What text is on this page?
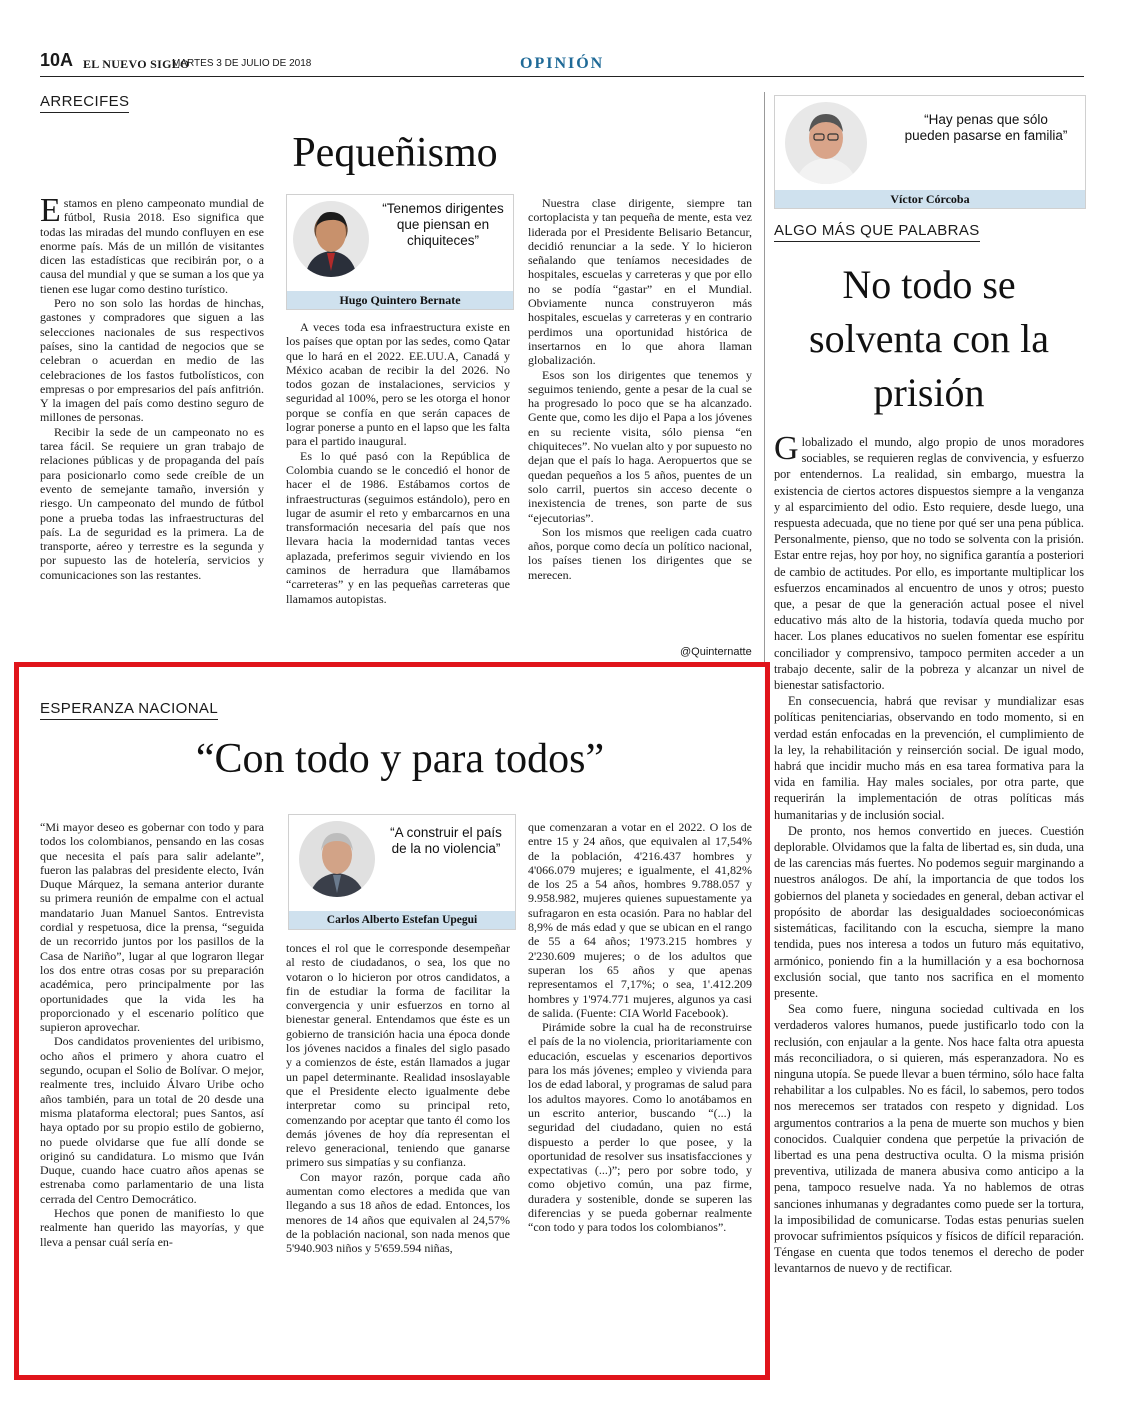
10A EL NUEVO SIGLO
MARTES 3 DE JULIO DE 2018	OPINIÓN
ARRECIFES
Pequeñismo

Estamos en pleno campeonato mundial de fútbol, Rusia 2018. Eso significa que todas las miradas del mundo confluyen en ese enorme país. Más de un millón de visitantes dicen las estadísticas que recibirán por, o a causa del mundial y que se suman a los que ya tienen ese lugar como destino turístico.

Pero no son solo las hordas de hinchas, gastones y compradores que siguen a las selecciones nacionales de sus respectivos países, sino la cantidad de negocios que se celebran o acuerdan en medio de las celebraciones de los fastos futbolísticos, con empresas o por empresarios del país anfitrión. Y la imagen del país como destino seguro de millones de personas.

Recibir la sede de un campeonato no es tarea fácil. Se requiere un gran trabajo de relaciones públicas y de propaganda del país para posicionarlo como sede creíble de un evento de semejante tamaño, inversión y riesgo. Un campeonato del mundo de fútbol pone a prueba todas las infraestructuras del país. La de seguridad es la primera. La de transporte, aéreo y terrestre es la segunda y por supuesto las de hotelería, servicios y comunicaciones son las restantes.

“Tenemos dirigentes que piensan en chiquiteces”
Hugo Quintero Bernate

A veces toda esa infraestructura existe en los países que optan por las sedes, como Qatar que lo hará en el 2022. EE.UU.A, Canadá y México acaban de recibir la del 2026. No todos gozan de instalaciones, servicios y seguridad al 100%, pero se les otorga el honor porque se confía en que serán capaces de lograr ponerse a punto en el lapso que les falta para el partido inaugural.

Es lo qué pasó con la República de Colombia cuando se le concedió el honor de hacer el de 1986. Estábamos cortos de infraestructuras (seguimos estándolo), pero en lugar de asumir el reto y embarcarnos en una transformación necesaria del país que nos llevara hacia la modernidad tantas veces aplazada, preferimos seguir viviendo en los caminos de herradura que llamábamos “carreteras” y en las pequeñas carreteras que llamamos autopistas.

Nuestra clase dirigente, siempre tan cortoplacista y tan pequeña de mente, esta vez liderada por el Presidente Belisario Betancur, decidió renunciar a la sede. Y lo hicieron señalando que teníamos necesidades de hospitales, escuelas y carreteras y que por ello no se podía “gastar” en el Mundial. Obviamente nunca construyeron más hospitales, escuelas y carreteras y en contrario perdimos una oportunidad histórica de insertarnos en lo que ahora llaman globalización.

Esos son los dirigentes que tenemos y seguimos teniendo, gente a pesar de la cual se ha progresado lo poco que se ha alcanzado. Gente que, como les dijo el Papa a los jóvenes en su reciente visita, sólo piensa “en chiquiteces”. No vuelan alto y por supuesto no dejan que el país lo haga. Aeropuertos que se quedan pequeños a los 5 años, puentes de un solo carril, puertos sin acceso decente o inexistencia de trenes, son parte de sus “ejecutorias”.

Son los mismos que reeligen cada cuatro años, porque como decía un político nacional, los países tienen los dirigentes que se merecen.

@Quinternatte
“Hay penas que sólo pueden pasarse en familia”
Víctor Córcoba
ALGO MÁS QUE PALABRAS
No todo se
solventa con la
prisión

Globalizado el mundo, algo propio de unos moradores sociables, se requieren reglas de convivencia, y esfuerzo por entendernos. La realidad, sin embargo, muestra la existencia de ciertos actores dispuestos siempre a la venganza y al esparcimiento del odio. Esto requiere, desde luego, una respuesta adecuada, que no tiene por qué ser una pena pública. Personalmente, pienso, que no todo se solventa con la prisión. Estar entre rejas, hoy por hoy, no significa garantía a posteriori de cambio de actitudes. Por ello, es importante multiplicar los esfuerzos encaminados al encuentro de unos y otros; puesto que, a pesar de que la generación actual posee el nivel educativo más alto de la historia, todavía queda mucho por hacer. Los planes educativos no suelen fomentar ese espíritu conciliador y comprensivo, tampoco permiten acceder a un trabajo decente, salir de la pobreza y alcanzar un nivel de bienestar satisfactorio.

En consecuencia, habrá que revisar y mundializar esas políticas penitenciarias, observando en todo momento, si en verdad están enfocadas en la prevención, el cumplimiento de la ley, la rehabilitación y reinserción social. De igual modo, habrá que incidir mucho más en esa tarea formativa para la vida en familia. Hay males sociales, por otra parte, que requerirán la implementación de otras políticas más humanitarias y de inclusión social.

De pronto, nos hemos convertido en jueces. Cuestión deplorable. Olvidamos que la falta de libertad es, sin duda, una de las carencias más fuertes. No podemos seguir marginando a nuestros análogos. De ahí, la importancia de que todos los gobiernos del planeta y sociedades en general, deban activar el propósito de abordar las desigualdades socioeconómicas sistemáticas, facilitando con la escucha, siempre la mano tendida, pues nos interesa a todos un futuro más equitativo, armónico, poniendo fin a la humillación y a esa bochornosa exclusión social, que tanto nos sacrifica en el momento presente.

Sea como fuere, ninguna sociedad cultivada en los verdaderos valores humanos, puede justificarlo todo con la reclusión, con enjaular a la gente. Nos hace falta otra apuesta más reconciliadora, o si quieren, más esperanzadora. No es ninguna utopía. Se puede llevar a buen término, sólo hace falta rehabilitar a los culpables. No es fácil, lo sabemos, pero todos nos merecemos ser tratados con respeto y dignidad. Los argumentos contrarios a la pena de muerte son muchos y bien conocidos. Cualquier condena que perpetúe la privación de libertad es una pena destructiva oculta. O la misma prisión preventiva, utilizada de manera abusiva como anticipo a la pena, tampoco resuelve nada. Ya no hablemos de otras sanciones inhumanas y degradantes como puede ser la tortura, la imposibilidad de comunicarse. Todas estas penurias suelen provocar sufrimientos psíquicos y físicos de difícil reparación. Téngase en cuenta que todos tenemos el derecho de poder levantarnos de nuevo y de rectificar.

ESPERANZA NACIONAL
“Con todo y para todos”

“Mi mayor deseo es gobernar con todo y para todos los colombianos, pensando en las cosas que necesita el país para salir adelante”, fueron las palabras del presidente electo, Iván Duque Márquez, la semana anterior durante su primera reunión de empalme con el actual mandatario Juan Manuel Santos. Entrevista cordial y respetuosa, dice la prensa, “seguida de un recorrido juntos por los pasillos de la Casa de Nariño”, lugar al que lograron llegar los dos entre otras cosas por su preparación académica, pero principalmente por las oportunidades que la vida les ha proporcionado y el escenario político que supieron aprovechar.

Dos candidatos provenientes del uribismo, ocho años el primero y ahora cuatro el segundo, ocupan el Solio de Bolívar. O mejor, realmente tres, incluido Álvaro Uribe ocho años también, para un total de 20 desde una misma plataforma electoral; pues Santos, así haya optado por su propio estilo de gobierno, no puede olvidarse que fue allí donde se originó su candidatura. Lo mismo que Iván Duque, cuando hace cuatro años apenas se estrenaba como parlamentario de una lista cerrada del Centro Democrático.

Hechos que ponen de manifiesto lo que realmente han querido las mayorías, y que lleva a pensar cuál sería en-

“A construir el país de la no violencia”
Carlos Alberto Estefan Upegui

tonces el rol que le corresponde desempeñar al resto de ciudadanos, o sea, los que no votaron o lo hicieron por otros candidatos, a fin de estudiar la forma de facilitar la convergencia y unir esfuerzos en torno al bienestar general. Entendamos que éste es un gobierno de transición hacia una época donde los jóvenes nacidos a finales del siglo pasado y a comienzos de éste, están llamados a jugar un papel determinante. Realidad insoslayable que el Presidente electo igualmente debe interpretar como su principal reto, comenzando por aceptar que tanto él como los demás jóvenes de hoy día representan el relevo generacional, teniendo que ganarse primero sus simpatías y su confianza.

Con mayor razón, porque cada año aumentan como electores a medida que van llegando a sus 18 años de edad. Entonces, los menores de 14 años que equivalen al 24,57% de la población nacional, son nada menos que 5'940.903 niños y 5'659.594 niñas,

que comenzaran a votar en el 2022. O los de entre 15 y 24 años, que equivalen al 17,54% de la población, 4'216.437 hombres y 4'066.079 mujeres; e igualmente, el 41,82% de los 25 a 54 años, hombres 9.788.057 y 9.958.982, mujeres quienes supuestamente ya sufragaron en esta ocasión. Para no hablar del 8,9% de más edad y que se ubican en el rango de 55 a 64 años; 1'973.215 hombres y 2'230.609 mujeres; o de los adultos que superan los 65 años y que apenas representamos el 7,17%; o sea, 1'.412.209 hombres y 1'974.771 mujeres, algunos ya casi de salida. (Fuente: CIA World Facebook).

Pirámide sobre la cual ha de reconstruirse el país de la no violencia, prioritariamente con educación, escuelas y escenarios deportivos para los más jóvenes; empleo y vivienda para los de edad laboral, y programas de salud para los adultos mayores. Como lo anotábamos en un escrito anterior, buscando “(...) la seguridad del ciudadano, quien no está dispuesto a perder lo que posee, y la oportunidad de resolver sus insatisfacciones y expectativas (...)”; pero por sobre todo, y como objetivo común, una paz firme, duradera y sostenible, donde se superen las diferencias y se pueda gobernar realmente “con todo y para todos los colombianos”.
